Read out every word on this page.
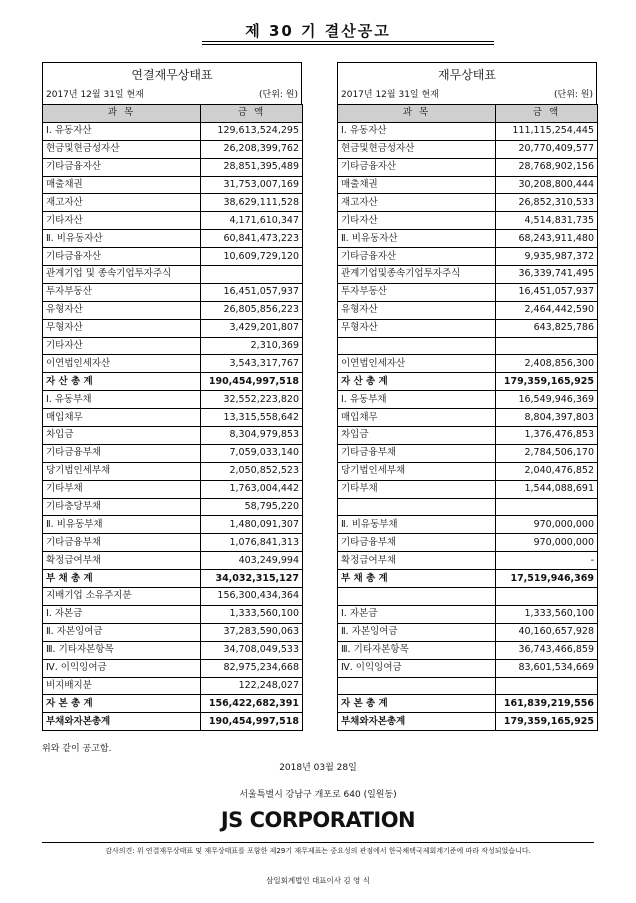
제 30 기 결산공고
연결재무상태표
2017년 12월 31일 현재	(단위: 원)
과 목	금 액
Ⅰ. 유동자산	129,613,524,295
현금및현금성자산	26,208,399,762
기타금융자산	28,851,395,489
매출채권	31,753,007,169
재고자산	38,629,111,528
기타자산	4,171,610,347
Ⅱ. 비유동자산	60,841,473,223
기타금융자산	10,609,729,120
관계기업 및 종속기업투자주식	
투자부동산	16,451,057,937
유형자산	26,805,856,223
무형자산	3,429,201,807
기타자산	2,310,369
이연법인세자산	3,543,317,767
자 산 총 계	190,454,997,518
Ⅰ. 유동부채	32,552,223,820
매입채무	13,315,558,642
차입금	8,304,979,853
기타금융부채	7,059,033,140
당기법인세부채	2,050,852,523
기타부채	1,763,004,442
기타충당부채	58,795,220
Ⅱ. 비유동부채	1,480,091,307
기타금융부채	1,076,841,313
확정급여부채	403,249,994
부 채 총 계	34,032,315,127
지배기업 소유주지분	156,300,434,364
Ⅰ. 자본금	1,333,560,100
Ⅱ. 자본잉여금	37,283,590,063
Ⅲ. 기타자본항목	34,708,049,533
Ⅳ. 이익잉여금	82,975,234,668
비지배지분	122,248,027
자 본 총 계	156,422,682,391
부채와자본총계	190,454,997,518
재무상태표
2017년 12월 31일 현재	(단위: 원)
과 목	금 액
Ⅰ. 유동자산	111,115,254,445
현금및현금성자산	20,770,409,577
기타금융자산	28,768,902,156
매출채권	30,208,800,444
재고자산	26,852,310,533
기타자산	4,514,831,735
Ⅱ. 비유동자산	68,243,911,480
기타금융자산	9,935,987,372
관계기업및종속기업투자주식	36,339,741,495
투자부동산	16,451,057,937
유형자산	2,464,442,590
무형자산	643,825,786

이연법인세자산	2,408,856,300
자 산 총 계	179,359,165,925
Ⅰ. 유동부채	16,549,946,369
매입채무	8,804,397,803
차입금	1,376,476,853
기타금융부채	2,784,506,170
당기법인세부채	2,040,476,852
기타부채	1,544,088,691

Ⅱ. 비유동부채	970,000,000
기타금융부채	970,000,000
확정급여부채	-
부 채 총 계	17,519,946,369

Ⅰ. 자본금	1,333,560,100
Ⅱ. 자본잉여금	40,160,657,928
Ⅲ. 기타자본항목	36,743,466,859
Ⅳ. 이익잉여금	83,601,534,669

자 본 총 계	161,839,219,556
부채와자본총계	179,359,165,925
위와 같이 공고함.
2018년 03월 28일
서울특별시 강남구 개포로 640 (일원동)
JS CORPORATION
감사의견: 위 연결재무상태표 및 재무상태표를 포함한 제29기 재무제표는 중요성의 관점에서 한국채택국제회계기준에 따라 작성되었습니다.
삼일회계법인 대표이사 김 영 식
